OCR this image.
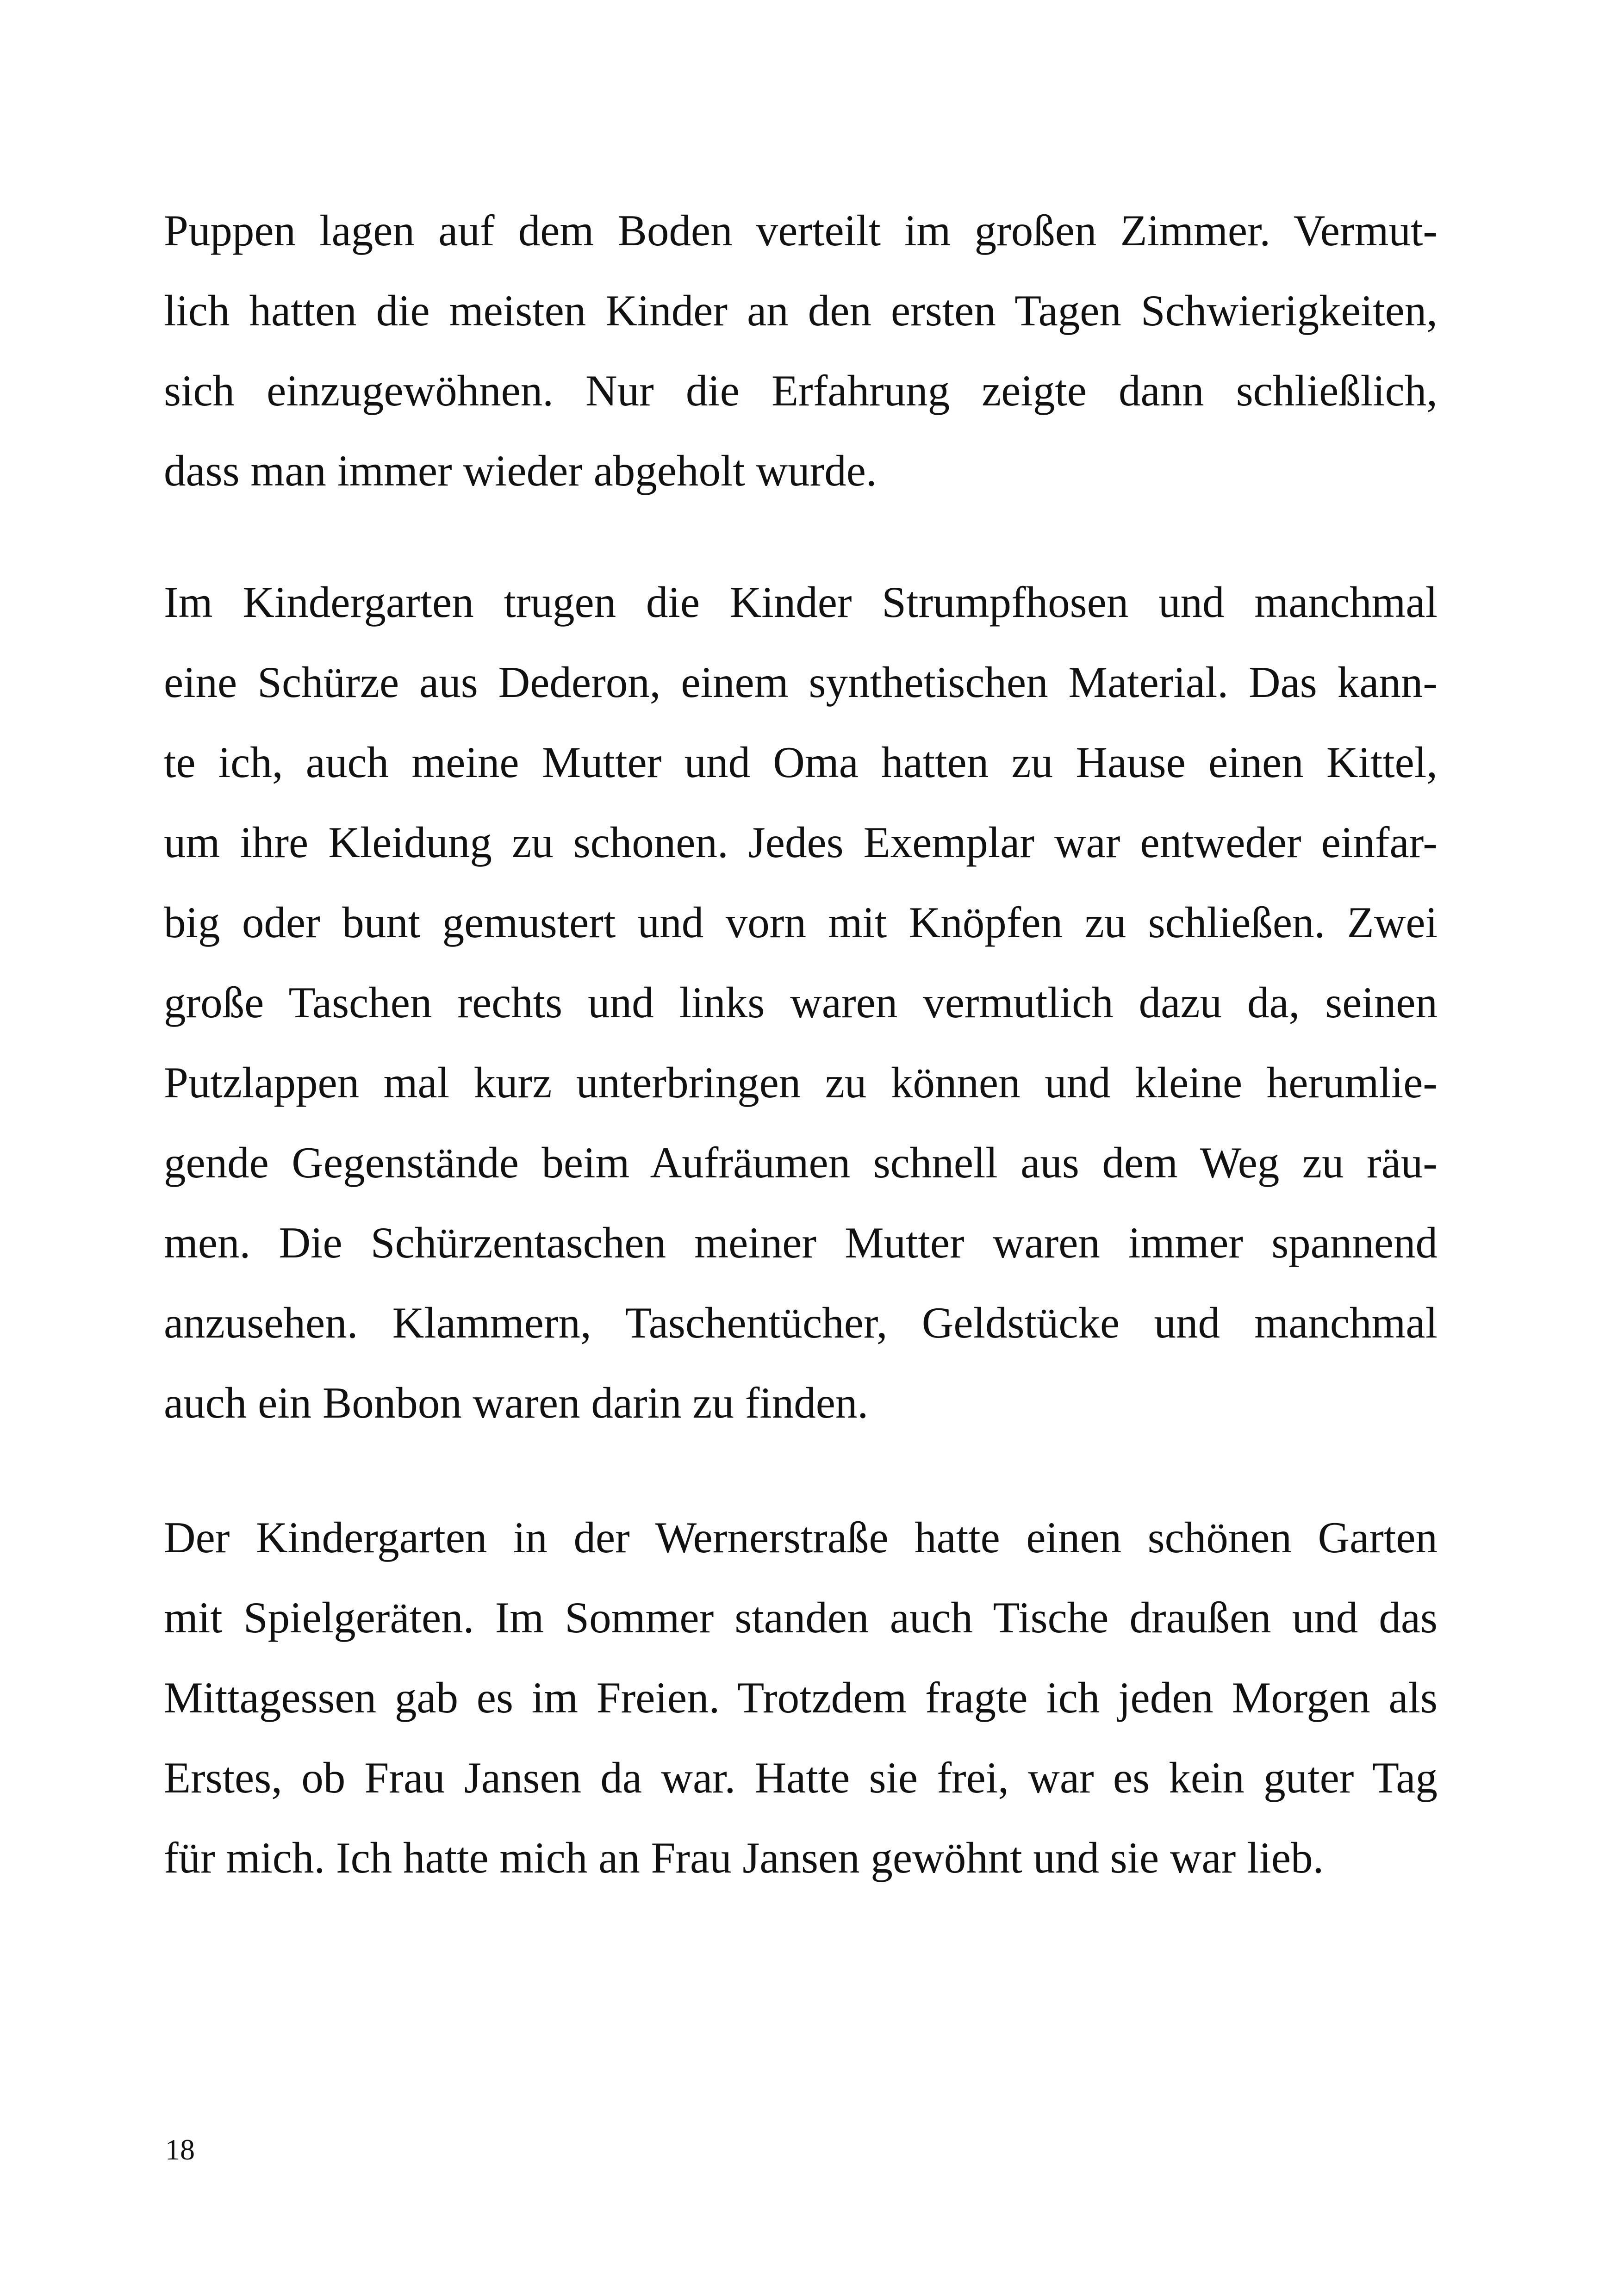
Puppen lagen auf dem Boden verteilt im großen Zimmer. Vermut-
lich hatten die meisten Kinder an den ersten Tagen Schwierigkeiten,
sich einzugewöhnen. Nur die Erfahrung zeigte dann schließlich,
dass man immer wieder abgeholt wurde.
Im Kindergarten trugen die Kinder Strumpfhosen und manchmal
eine Schürze aus Dederon, einem synthetischen Material. Das kann-
te ich, auch meine Mutter und Oma hatten zu Hause einen Kittel,
um ihre Kleidung zu schonen. Jedes Exemplar war entweder einfar-
big oder bunt gemustert und vorn mit Knöpfen zu schließen. Zwei
große Taschen rechts und links waren vermutlich dazu da, seinen
Putzlappen mal kurz unterbringen zu können und kleine herumlie-
gende Gegenstände beim Aufräumen schnell aus dem Weg zu räu-
men. Die Schürzentaschen meiner Mutter waren immer spannend
anzusehen. Klammern, Taschentücher, Geldstücke und manchmal
auch ein Bonbon waren darin zu finden.
Der Kindergarten in der Wernerstraße hatte einen schönen Garten
mit Spielgeräten. Im Sommer standen auch Tische draußen und das
Mittagessen gab es im Freien. Trotzdem fragte ich jeden Morgen als
Erstes, ob Frau Jansen da war. Hatte sie frei, war es kein guter Tag
für mich. Ich hatte mich an Frau Jansen gewöhnt und sie war lieb.
18
